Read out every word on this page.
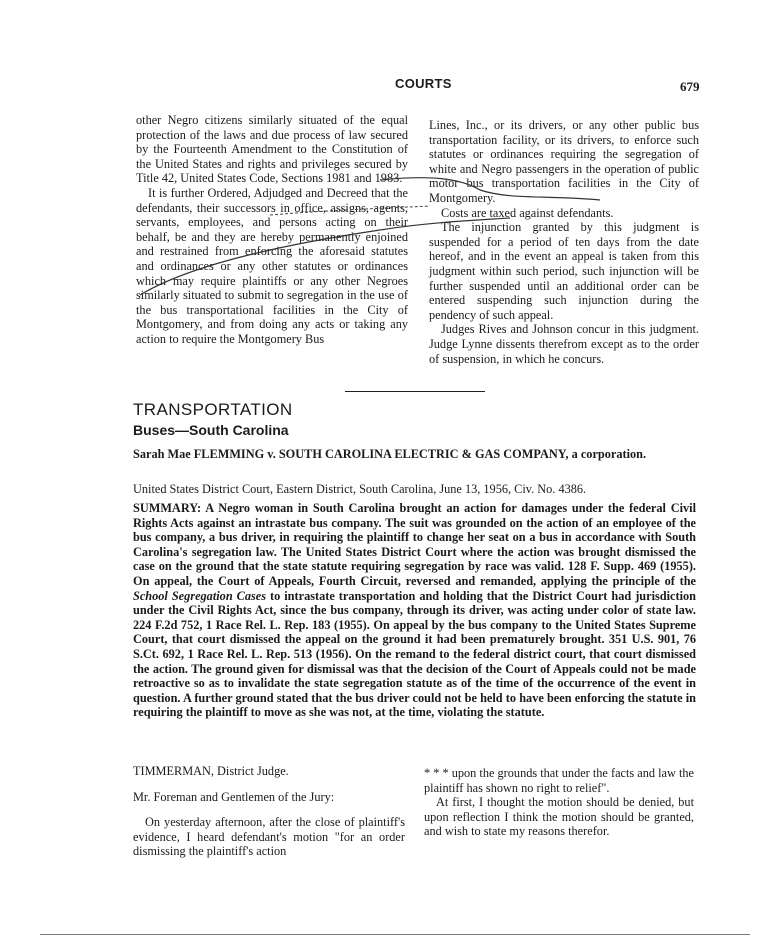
COURTS	679

other Negro citizens similarly situated of the equal protection of the laws and due process of law secured by the Fourteenth Amendment to the Constitution of the United States and rights and privileges secured by Title 42, United States Code, Sections 1981 and 1983.

It is further Ordered, Adjudged and Decreed that the defendants, their successors in office, assigns, agents, servants, employees, and persons acting on their behalf, be and they are hereby permanently enjoined and restrained from enforcing the aforesaid statutes and ordinances or any other statutes or ordinances which may require plaintiffs or any other Negroes similarly situated to submit to segregation in the use of the bus transportational facilities in the City of Montgomery, and from doing any acts or taking any action to require the Montgomery Bus

Lines, Inc., or its drivers, or any other public bus transportation facility, or its drivers, to enforce such statutes or ordinances requiring the segregation of white and Negro passengers in the operation of public motor bus transportation facilities in the City of Montgomery.

Costs are taxed against defendants.

The injunction granted by this judgment is suspended for a period of ten days from the date hereof, and in the event an appeal is taken from this judgment within such period, such injunction will be further suspended until an additional order can be entered suspending such injunction during the pendency of such appeal.

Judges Rives and Johnson concur in this judgment. Judge Lynne dissents therefrom except as to the order of suspension, in which he concurs.

TRANSPORTATION
Buses—South Carolina
Sarah Mae FLEMMING v. SOUTH CAROLINA ELECTRIC & GAS COMPANY, a corporation.
United States District Court, Eastern District, South Carolina, June 13, 1956, Civ. No. 4386.
SUMMARY: A Negro woman in South Carolina brought an action for damages under the federal Civil Rights Acts against an intrastate bus company. The suit was grounded on the action of an employee of the bus company, a bus driver, in requiring the plaintiff to change her seat on a bus in accordance with South Carolina's segregation law. The United States District Court where the action was brought dismissed the case on the ground that the state statute requiring segregation by race was valid. 128 F. Supp. 469 (1955). On appeal, the Court of Appeals, Fourth Circuit, reversed and remanded, applying the principle of the School Segregation Cases to intrastate transportation and holding that the District Court had jurisdiction under the Civil Rights Act, since the bus company, through its driver, was acting under color of state law. 224 F.2d 752, 1 Race Rel. L. Rep. 183 (1955). On appeal by the bus company to the United States Supreme Court, that court dismissed the appeal on the ground it had been prematurely brought. 351 U.S. 901, 76 S.Ct. 692, 1 Race Rel. L. Rep. 513 (1956). On the remand to the federal district court, that court dismissed the action. The ground given for dismissal was that the decision of the Court of Appeals could not be made retroactive so as to invalidate the state segregation statute as of the time of the occurrence of the event in question. A further ground stated that the bus driver could not be held to have been enforcing the statute in requiring the plaintiff to move as she was not, at the time, violating the statute.

TIMMERMAN, District Judge.

Mr. Foreman and Gentlemen of the Jury:

On yesterday afternoon, after the close of plaintiff's evidence, I heard defendant's motion "for an order dismissing the plaintiff's action

* * * upon the grounds that under the facts and law the plaintiff has shown no right to relief".

At first, I thought the motion should be denied, but upon reflection I think the motion should be granted, and wish to state my reasons therefor.
